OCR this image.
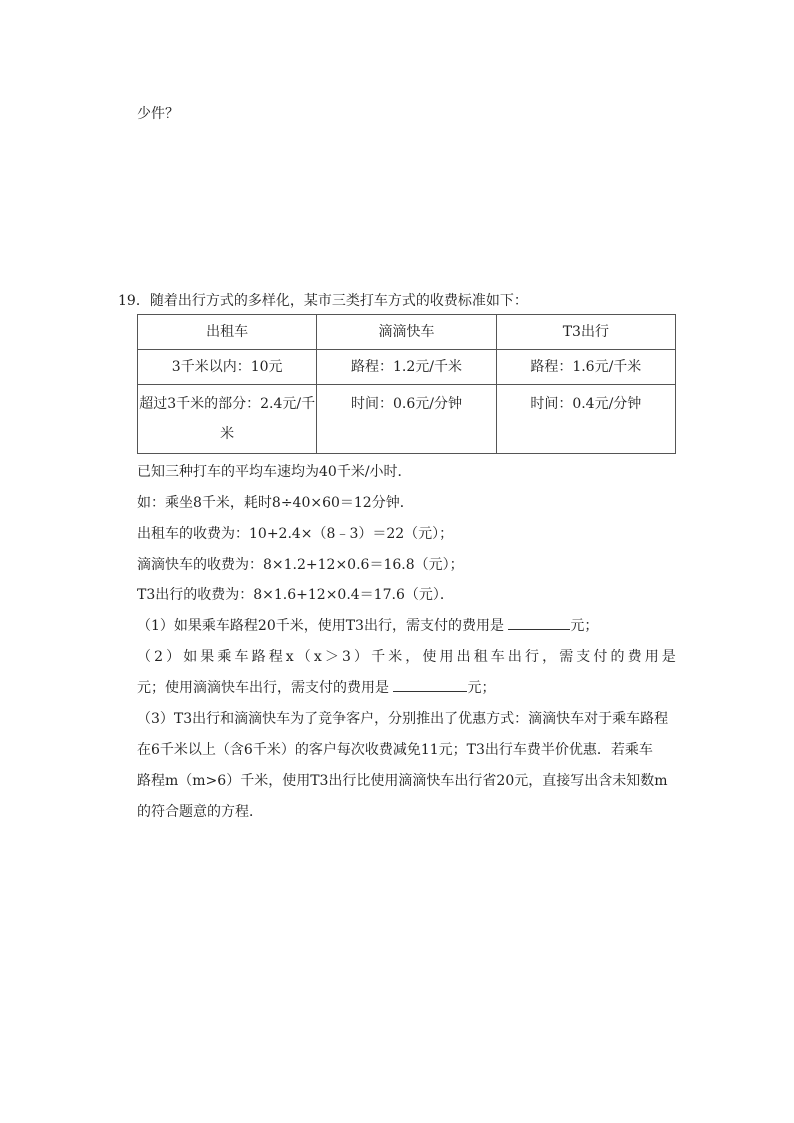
少件？
19．随着出行方式的多样化，某市三类打车方式的收费标准如下：
出租车	滴滴快车	T3出行
3千米以内：10元	路程：1.2元/千米	路程：1.6元/千米
超过3千米的部分：2.4元/千米	时间：0.6元/分钟	时间：0.4元/分钟
已知三种打车的平均车速均为40千米/小时．
如：乘坐8千米，耗时8÷40×60＝12分钟．
出租车的收费为：10+2.4×（8﹣3）＝22（元）；
滴滴快车的收费为：8×1.2+12×0.6＝16.8（元）；
T3出行的收费为：8×1.6+12×0.4＝17.6（元）．
（1）如果乘车路程20千米，使用T3出行，需支付的费用是	元；
（2）如果乘车路程x（x＞3）千米，使用出租车出行，需支付的费用是
元；使用滴滴快车出行，需支付的费用是	元；
（3）T3出行和滴滴快车为了竞争客户，分别推出了优惠方式：滴滴快车对于乘车路程
在6千米以上（含6千米）的客户每次收费减免11元；T3出行车费半价优惠．若乘车
路程m（m>6）千米，使用T3出行比使用滴滴快车出行省20元，直接写出含未知数m
的符合题意的方程．
